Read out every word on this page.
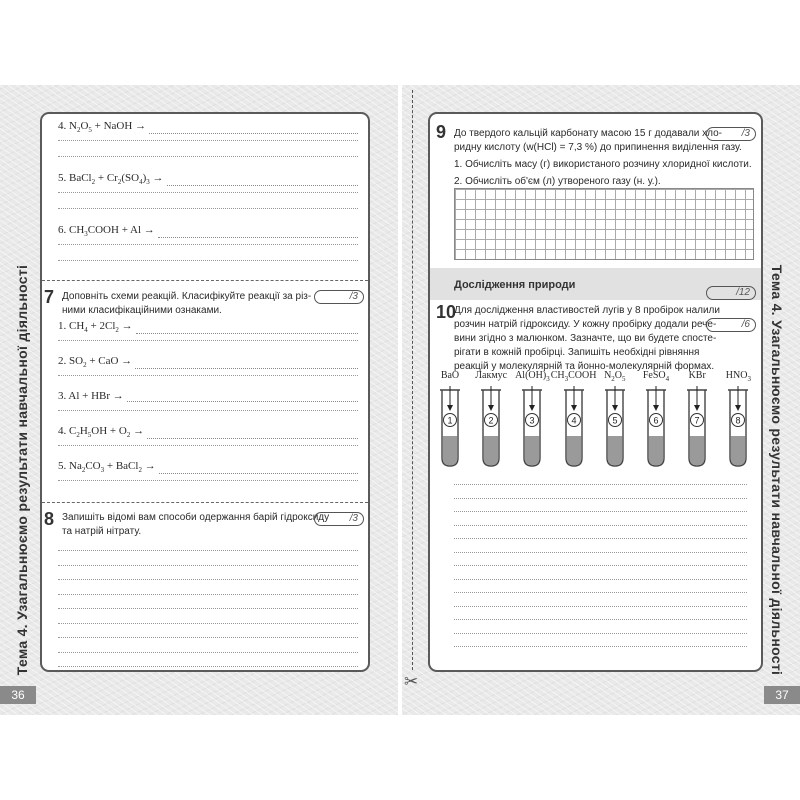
Тема 4. Узагальнюємо результати навчальної діяльності	Тема 4. Узагальнюємо результати навчальної діяльності
36	37
✂
4. $N_2O_5$ + NaOH →
5. BaCl$_2$ + $Cr_2(SO_4)_3$ →
6. $CH_3COOH + Al$ →
7 Доповніть схеми реакцій. Класифікуйте реакції за різ-
ними класифікаційними ознаками.
/3
1. $CH_4 + 2Cl_2$ →
2. $SO_2$ + CaO →
3. Al + HBr →
4. $C_2H_5OH + O_2$ →
5. $Na_2CO_3$ + BaCl$_2$ →
8 Запишіть відомі вам способи одержання барій гідроксиду
та натрій нітрату.
/3
9 До твердого кальцій карбонату масою 15 г додавали хло-
ридну кислоту (w(HCl) = 7,3 %) до припинення виділення газу.
1. Обчисліть масу (г) використаного розчину хлоридної кислоти.
2. Обчисліть об'єм (л) утвореного газу (н. у.).
/3
Дослідження природи
/12
10
Для дослідження властивостей лугів у 8 пробірок налили
розчин натрій гідроксиду. У кожну пробірку додали рече-
вини згідно з малюнком. Зазначте, що ви будете спосте-
рігати в кожній пробірці. Запишіть необхідні рівняння
реакцій у молекулярній та йонно-молекулярній формах.
/6
BaO
1
Лакмус
2
$Al(OH)_3$
3
$CH_3COOH$
4
$N_2O_5$
5
FeSO$_4$
6
KBr
7
$HNO_3$
8
